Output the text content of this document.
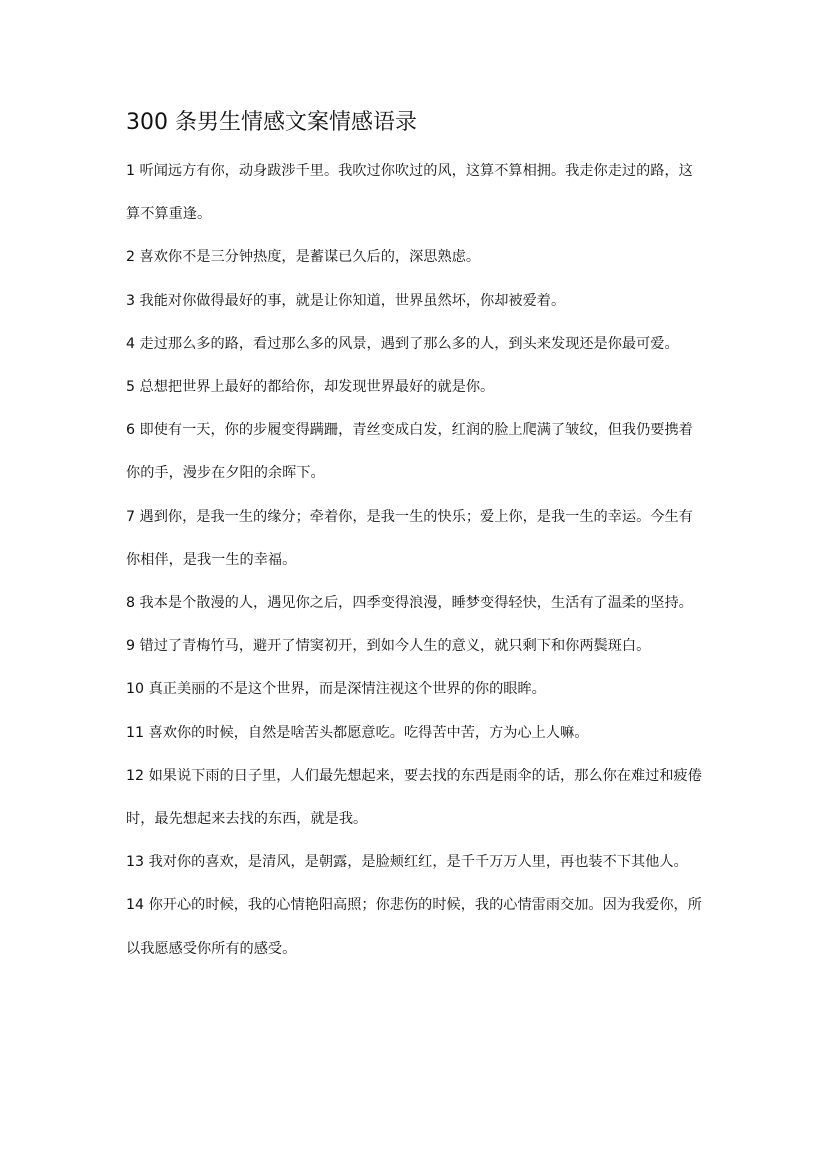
300 条男生情感文案情感语录

1 听闻远方有你，动身跋涉千里。我吹过你吹过的风，这算不算相拥。我走你走过的路，这算不算重逢。

2 喜欢你不是三分钟热度，是蓄谋已久后的，深思熟虑。

3 我能对你做得最好的事，就是让你知道，世界虽然坏，你却被爱着。

4 走过那么多的路，看过那么多的风景，遇到了那么多的人，到头来发现还是你最可爱。

5 总想把世界上最好的都给你，却发现世界最好的就是你。

6 即使有一天，你的步履变得蹒跚，青丝变成白发，红润的脸上爬满了皱纹，但我仍要携着你的手，漫步在夕阳的余晖下。

7 遇到你，是我一生的缘分；牵着你，是我一生的快乐；爱上你，是我一生的幸运。今生有你相伴，是我一生的幸福。

8 我本是个散漫的人，遇见你之后，四季变得浪漫，睡梦变得轻快，生活有了温柔的坚持。

9 错过了青梅竹马，避开了情窦初开，到如今人生的意义，就只剩下和你两鬓斑白。

10 真正美丽的不是这个世界，而是深情注视这个世界的你的眼眸。

11 喜欢你的时候，自然是啥苦头都愿意吃。吃得苦中苦，方为心上人嘛。

12 如果说下雨的日子里，人们最先想起来，要去找的东西是雨伞的话，那么你在难过和疲倦时，最先想起来去找的东西，就是我。

13 我对你的喜欢，是清风，是朝露，是脸颊红红，是千千万万人里，再也装不下其他人。

14 你开心的时候，我的心情艳阳高照；你悲伤的时候，我的心情雷雨交加。因为我爱你，所以我愿感受你所有的感受。
